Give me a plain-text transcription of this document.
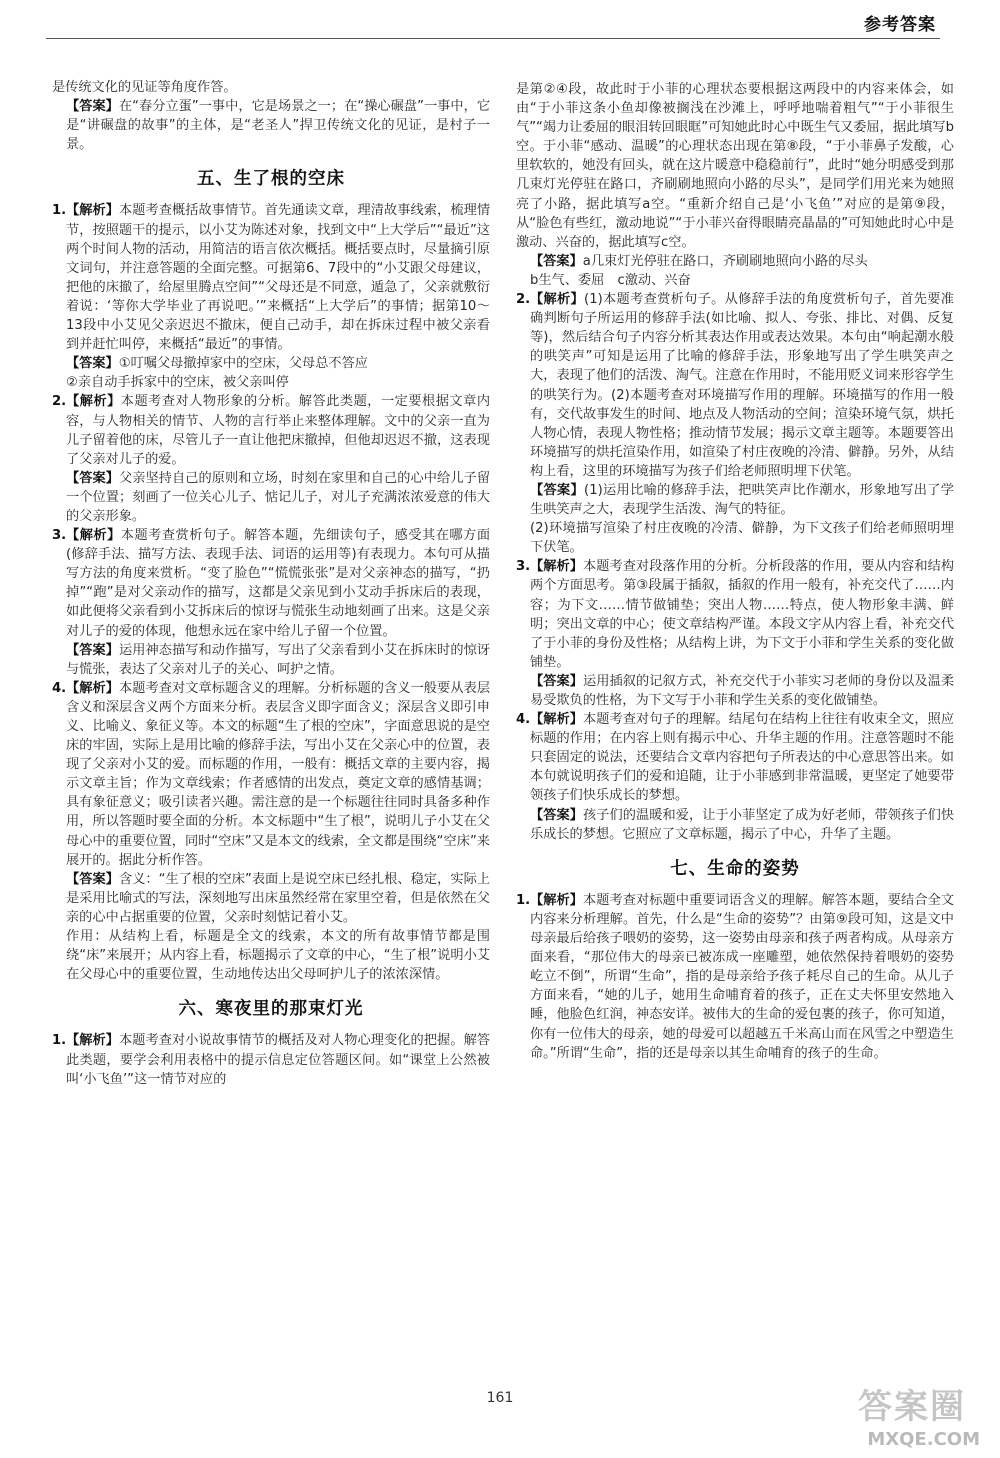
参考答案

是传统文化的见证等角度作答。

【答案】在“春分立蛋”一事中，它是场景之一；在“操心碾盘”一事中，它是“讲碾盘的故事”的主体，是“老圣人”捍卫传统文化的见证，是村子一景。

五、生了根的空床

1. 【解析】本题考查概括故事情节。首先通读文章，理清故事线索，梳理情节，按照题干的提示，以小艾为陈述对象，找到文中“上大学后”“最近”这两个时间人物的活动，用简洁的语言依次概括。概括要点时，尽量摘引原文词句，并注意答题的全面完整。可据第6、7段中的“小艾跟父母建议，把他的床撤了，给屋里腾点空间”“父母还是不同意，遁急了，父亲就敷衍着说：‘等你大学毕业了再说吧。’”来概括“上大学后”的事情；据第10～13段中小艾见父亲迟迟不撤床，便自己动手，却在拆床过程中被父亲看到并赶忙叫停，来概括“最近”的事情。

【答案】①叮嘱父母撤掉家中的空床，父母总不答应

②亲自动手拆家中的空床，被父亲叫停

2. 【解析】本题考查对人物形象的分析。解答此类题，一定要根据文章内容，与人物相关的情节、人物的言行举止来整体理解。文中的父亲一直为儿子留着他的床，尽管儿子一直让他把床撤掉，但他却迟迟不撤，这表现了父亲对儿子的爱。

【答案】父亲坚持自己的原则和立场，时刻在家里和自己的心中给儿子留一个位置；刻画了一位关心儿子、惦记儿子，对儿子充满浓浓爱意的伟大的父亲形象。

3. 【解析】本题考查赏析句子。解答本题，先细读句子，感受其在哪方面(修辞手法、描写方法、表现手法、词语的运用等)有表现力。本句可从描写方法的角度来赏析。“变了脸色”“慌慌张张”是对父亲神态的描写，“扔掉”“跑”是对父亲动作的描写，这都是父亲见到小艾动手拆床后的表现，如此便将父亲看到小艾拆床后的惊讶与慌张生动地刻画了出来。这是父亲对儿子的爱的体现，他想永远在家中给儿子留一个位置。

【答案】运用神态描写和动作描写，写出了父亲看到小艾在拆床时的惊讶与慌张，表达了父亲对儿子的关心、呵护之情。

4. 【解析】本题考查对文章标题含义的理解。分析标题的含义一般要从表层含义和深层含义两个方面来分析。表层含义即字面含义；深层含义即引申义、比喻义、象征义等。本文的标题“生了根的空床”，字面意思说的是空床的牢固，实际上是用比喻的修辞手法，写出小艾在父亲心中的位置，表现了父亲对小艾的爱。而标题的作用，一般有：概括文章的主要内容，揭示文章主旨；作为文章线索；作者感情的出发点，奠定文章的感情基调；具有象征意义；吸引读者兴趣。需注意的是一个标题往往同时具备多种作用，所以答题时要全面的分析。本文标题中“生了根”，说明儿子小艾在父母心中的重要位置，同时“空床”又是本文的线索，全文都是围绕“空床”来展开的。据此分析作答。

【答案】含义：“生了根的空床”表面上是说空床已经扎根、稳定，实际上是采用比喻式的写法，深刻地写出床虽然经常在家里空着，但是依然在父亲的心中占据重要的位置，父亲时刻惦记着小艾。

作用：从结构上看，标题是全文的线索，本文的所有故事情节都是围绕“床”来展开；从内容上看，标题揭示了文章的中心，“生了根”说明小艾在父母心中的重要位置，生动地传达出父母呵护儿子的浓浓深情。

六、寒夜里的那束灯光

1. 【解析】本题考查对小说故事情节的概括及对人物心理变化的把握。解答此类题，要学会利用表格中的提示信息定位答题区间。如“课堂上公然被叫‘小飞鱼’”这一情节对应的

是第②④段，故此时于小菲的心理状态要根据这两段中的内容来体会，如由“于小菲这条小鱼却像被搁浅在沙滩上，呼呼地喘着粗气”“于小菲很生气”“竭力让委屈的眼泪转回眼眶”可知她此时心中既生气又委屈，据此填写b空。于小菲“感动、温暖”的心理状态出现在第⑧段，“于小菲鼻子发酸，心里软软的，她没有回头，就在这片暖意中稳稳前行”，此时“她分明感受到那几束灯光停驻在路口，齐刷刷地照向小路的尽头”，是同学们用光来为她照亮了小路，据此填写a空。“重新介绍自己是‘小飞鱼’”对应的是第⑨段，从“脸色有些红，激动地说”“于小菲兴奋得眼睛亮晶晶的”可知她此时心中是激动、兴奋的，据此填写c空。

【答案】a几束灯光停驻在路口，齐刷刷地照向小路的尽头

b生气、委屈　c激动、兴奋

2. 【解析】(1)本题考查赏析句子。从修辞手法的角度赏析句子，首先要准确判断句子所运用的修辞手法(如比喻、拟人、夸张、排比、对偶、反复等)，然后结合句子内容分析其表达作用或表达效果。本句由“响起潮水般的哄笑声”可知是运用了比喻的修辞手法，形象地写出了学生哄笑声之大，表现了他们的活泼、淘气。注意在作用时，不能用贬义词来形容学生的哄笑行为。(2)本题考查对环境描写作用的理解。环境描写的作用一般有，交代故事发生的时间、地点及人物活动的空间；渲染环境气氛，烘托人物心情，表现人物性格；推动情节发展；揭示文章主题等。本题要答出环境描写的烘托渲染作用，如渲染了村庄夜晚的冷清、僻静。另外，从结构上看，这里的环境描写为孩子们给老师照明埋下伏笔。

【答案】(1)运用比喻的修辞手法，把哄笑声比作潮水，形象地写出了学生哄笑声之大，表现学生活泼、淘气的特征。

(2)环境描写渲染了村庄夜晚的冷清、僻静，为下文孩子们给老师照明埋下伏笔。

3. 【解析】本题考查对段落作用的分析。分析段落的作用，要从内容和结构两个方面思考。第③段属于插叙，插叙的作用一般有，补充交代了……内容；为下文……情节做铺垫；突出人物……特点，使人物形象丰满、鲜明；突出文章的中心；使文章结构严谨。本段文字从内容上看，补充交代了于小菲的身份及性格；从结构上讲，为下文于小菲和学生关系的变化做铺垫。

【答案】运用插叙的记叙方式，补充交代于小菲实习老师的身份以及温柔易受欺负的性格，为下文写于小菲和学生关系的变化做铺垫。

4. 【解析】本题考查对句子的理解。结尾句在结构上往往有收束全文，照应标题的作用；在内容上则有揭示中心、升华主题的作用。注意答题时不能只套固定的说法，还要结合文章内容把句子所表达的中心意思答出来。如本句就说明孩子们的爱和追随，让于小菲感到非常温暖，更坚定了她要带领孩子们快乐成长的梦想。

【答案】孩子们的温暖和爱，让于小菲坚定了成为好老师，带领孩子们快乐成长的梦想。它照应了文章标题，揭示了中心，升华了主题。

七、生命的姿势

1. 【解析】本题考查对标题中重要词语含义的理解。解答本题，要结合全文内容来分析理解。首先，什么是“生命的姿势”？由第⑨段可知，这是文中母亲最后给孩子喂奶的姿势，这一姿势由母亲和孩子两者构成。从母亲方面来看，“那位伟大的母亲已被冻成一座雕塑，她依然保持着喂奶的姿势屹立不倒”，所谓“生命”，指的是母亲给予孩子耗尽自己的生命。从儿子方面来看，“她的儿子，她用生命哺育着的孩子，正在丈夫怀里安然地入睡，他脸色红润，神态安详。被伟大的生命的爱包裹的孩子，你可知道，你有一位伟大的母亲，她的母爱可以超越五千米高山而在风雪之中塑造生命。”所谓“生命”，指的还是母亲以其生命哺育的孩子的生命。

161	答案圈
MXQE.COM
